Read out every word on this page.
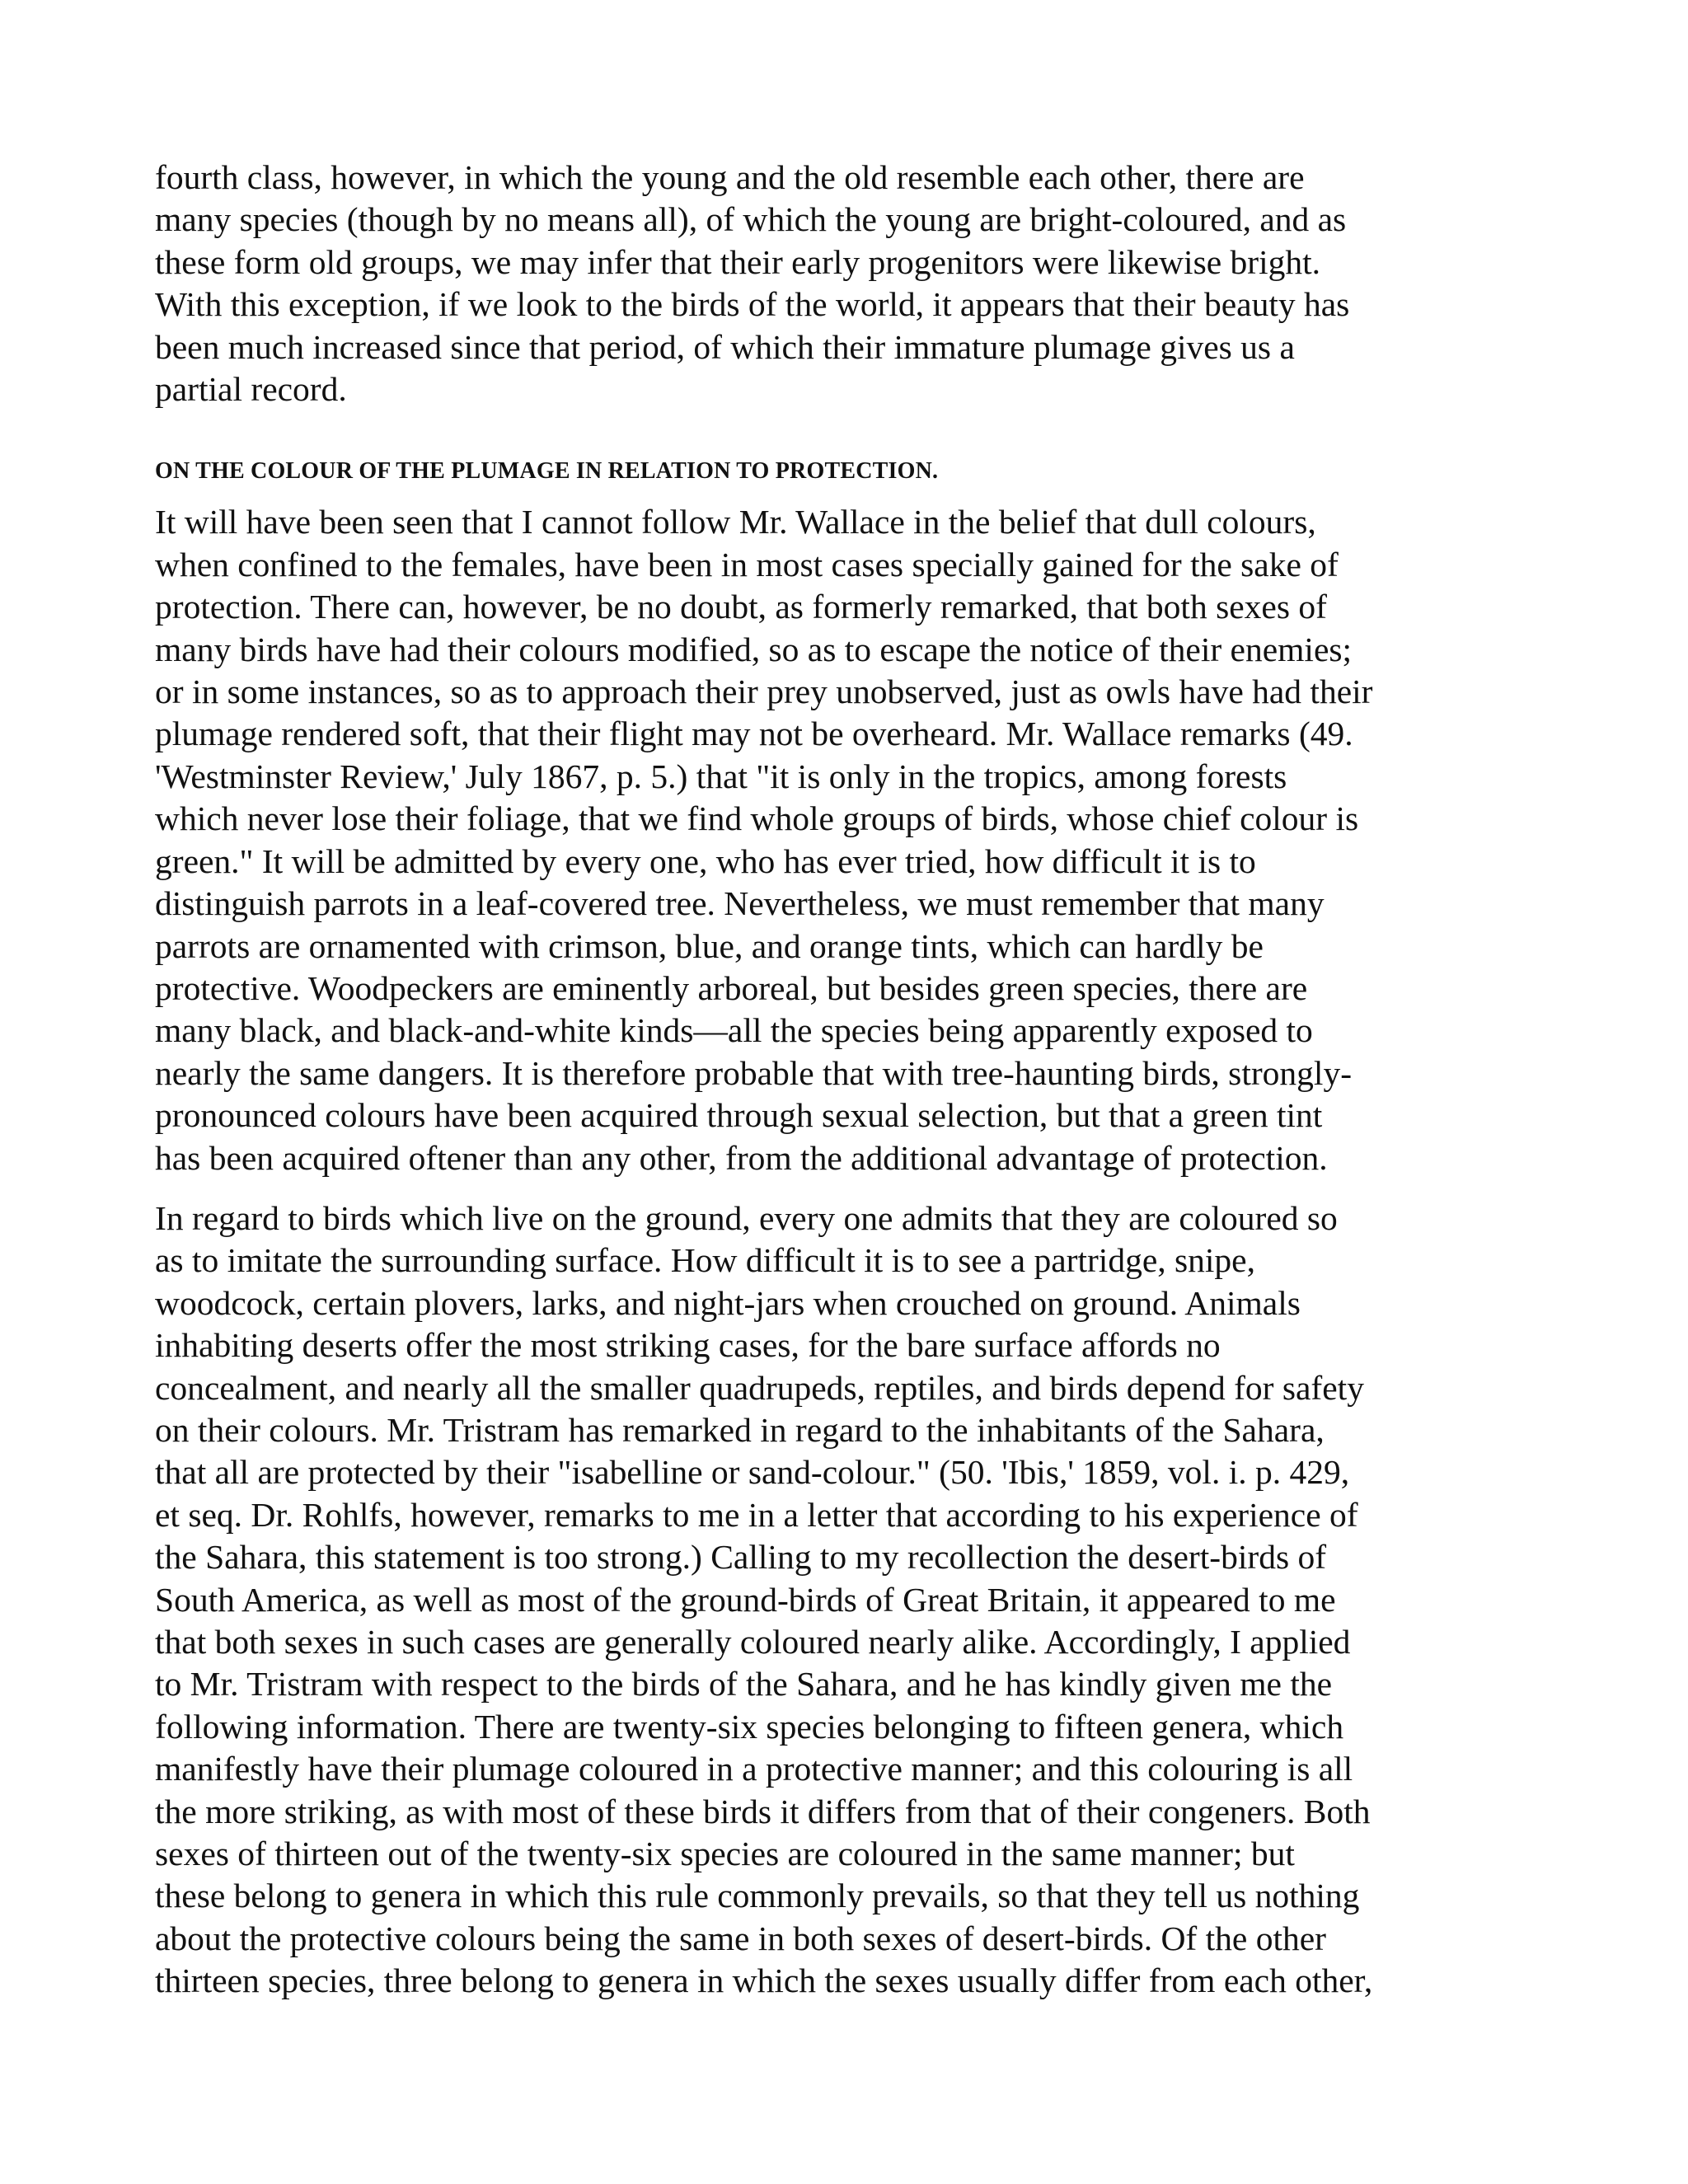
fourth class, however, in which the young and the old resemble each other, there are
many species (though by no means all), of which the young are bright-coloured, and as
these form old groups, we may infer that their early progenitors were likewise bright.
With this exception, if we look to the birds of the world, it appears that their beauty has
been much increased since that period, of which their immature plumage gives us a
partial record.

ON THE COLOUR OF THE PLUMAGE IN RELATION TO PROTECTION.

It will have been seen that I cannot follow Mr. Wallace in the belief that dull colours,
when confined to the females, have been in most cases specially gained for the sake of
protection. There can, however, be no doubt, as formerly remarked, that both sexes of
many birds have had their colours modified, so as to escape the notice of their enemies;
or in some instances, so as to approach their prey unobserved, just as owls have had their
plumage rendered soft, that their flight may not be overheard. Mr. Wallace remarks (49.
'Westminster Review,' July 1867, p. 5.) that "it is only in the tropics, among forests
which never lose their foliage, that we find whole groups of birds, whose chief colour is
green." It will be admitted by every one, who has ever tried, how difficult it is to
distinguish parrots in a leaf-covered tree. Nevertheless, we must remember that many
parrots are ornamented with crimson, blue, and orange tints, which can hardly be
protective. Woodpeckers are eminently arboreal, but besides green species, there are
many black, and black-and-white kinds—all the species being apparently exposed to
nearly the same dangers. It is therefore probable that with tree-haunting birds, strongly-
pronounced colours have been acquired through sexual selection, but that a green tint
has been acquired oftener than any other, from the additional advantage of protection.

In regard to birds which live on the ground, every one admits that they are coloured so
as to imitate the surrounding surface. How difficult it is to see a partridge, snipe,
woodcock, certain plovers, larks, and night-jars when crouched on ground. Animals
inhabiting deserts offer the most striking cases, for the bare surface affords no
concealment, and nearly all the smaller quadrupeds, reptiles, and birds depend for safety
on their colours. Mr. Tristram has remarked in regard to the inhabitants of the Sahara,
that all are protected by their "isabelline or sand-colour." (50. 'Ibis,' 1859, vol. i. p. 429,
et seq. Dr. Rohlfs, however, remarks to me in a letter that according to his experience of
the Sahara, this statement is too strong.) Calling to my recollection the desert-birds of
South America, as well as most of the ground-birds of Great Britain, it appeared to me
that both sexes in such cases are generally coloured nearly alike. Accordingly, I applied
to Mr. Tristram with respect to the birds of the Sahara, and he has kindly given me the
following information. There are twenty-six species belonging to fifteen genera, which
manifestly have their plumage coloured in a protective manner; and this colouring is all
the more striking, as with most of these birds it differs from that of their congeners. Both
sexes of thirteen out of the twenty-six species are coloured in the same manner; but
these belong to genera in which this rule commonly prevails, so that they tell us nothing
about the protective colours being the same in both sexes of desert-birds. Of the other
thirteen species, three belong to genera in which the sexes usually differ from each other,
